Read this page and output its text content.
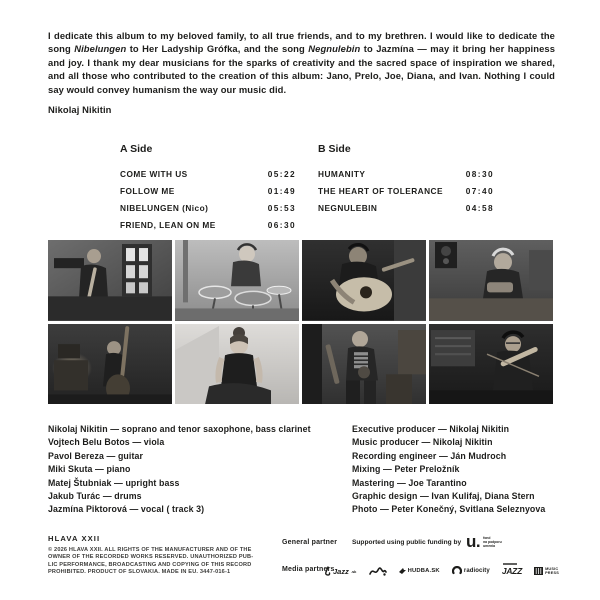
I dedicate this album to my beloved family, to all true friends, and to my brethren. I would like to dedicate the song Nibelungen to Her Ladyship Grófka, and the song Negnulebin to Jazmína — may it bring her happiness and joy. I thank my dear musicians for the sparks of creativity and the sacred space of inspiration we shared, and all those who contributed to the creation of this album: Jano, Prelo, Joe, Diana, and Ivan. Nothing I could say would convey humanism the way our music did.
Nikolaj Nikitin
A Side
COME WITH US	05:22
FOLLOW ME	01:49
NIBELUNGEN (Nico)	05:53
FRIEND, LEAN ON ME	06:30
B Side
HUMANITY	08:30
THE HEART OF TOLERANCE	07:40
NEGNULEBIN	04:58
Nikolaj Nikitin — soprano and tenor saxophone, bass clarinet
Vojtech Belu Botos — viola
Pavol Bereza — guitar
Miki Skuta — piano
Matej Štubniak — upright bass
Jakub Turác — drums
Jazmína Piktorová — vocal ( track 3)
Executive producer — Nikolaj Nikitin
Music producer — Nikolaj Nikitin
Recording engineer — Ján Mudroch
Mixing — Peter Preložník
Mastering — Joe Tarantino
Graphic design — Ivan Kulifaj, Diana Stern
Photo — Peter Konečný, Svitlana Seleznyova
HLAVA XXII
© 2026 HLAVA XXII. ALL RIGHTS OF THE MANUFACTURER AND OF THE
OWNER OF THE RECORDED WORKS RESERVED. UNAUTHORIZED PUB-
LIC PERFORMANCE, BROADCASTING AND COPYING OF THIS RECORD
PROHIBITED. PRODUCT OF SLOVAKIA. MADE IN EU. 3447-016-1
General partner Supported using public funding by u. fond
na podporu
umenia
Media partners
Jazz .sk	HUDBA.SK	radiocity JAZZ	MUSIC
PRESS
